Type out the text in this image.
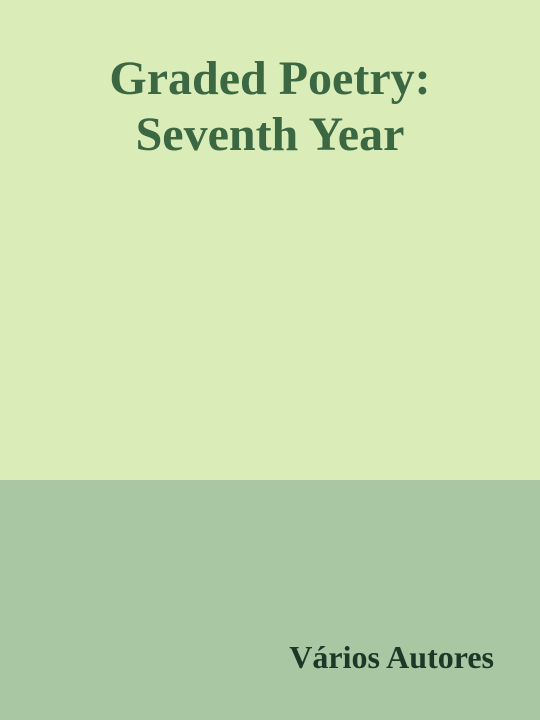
Graded Poetry:
Seventh Year

Vários Autores
